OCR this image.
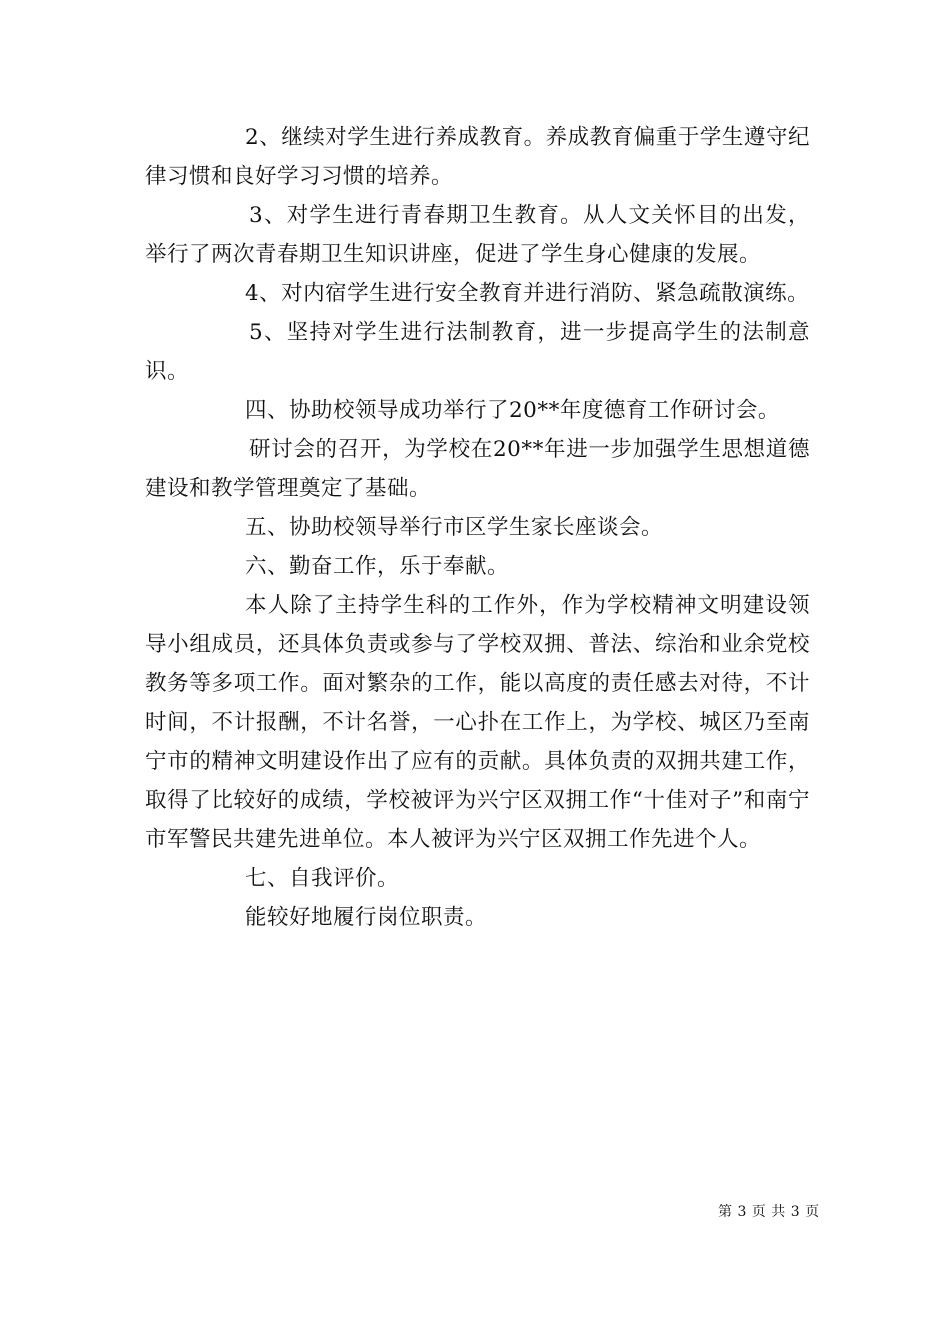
2、继续对学生进行养成教育。养成教育偏重于学生遵守纪律习惯和良好学习习惯的培养。

3、对学生进行青春期卫生教育。从人文关怀目的出发，举行了两次青春期卫生知识讲座，促进了学生身心健康的发展。

4、对内宿学生进行安全教育并进行消防、紧急疏散演练。

5、坚持对学生进行法制教育，进一步提高学生的法制意识。

四、协助校领导成功举行了20**年度德育工作研讨会。

研讨会的召开，为学校在20**年进一步加强学生思想道德建设和教学管理奠定了基础。

五、协助校领导举行市区学生家长座谈会。

六、勤奋工作，乐于奉献。

本人除了主持学生科的工作外，作为学校精神文明建设领导小组成员，还具体负责或参与了学校双拥、普法、综治和业余党校教务等多项工作。面对繁杂的工作，能以高度的责任感去对待，不计时间，不计报酬，不计名誉，一心扑在工作上，为学校、城区乃至南宁市的精神文明建设作出了应有的贡献。具体负责的双拥共建工作，取得了比较好的成绩，学校被评为兴宁区双拥工作“十佳对子”和南宁市军警民共建先进单位。本人被评为兴宁区双拥工作先进个人。

七、自我评价。

能较好地履行岗位职责。

第 3 页 共 3 页
